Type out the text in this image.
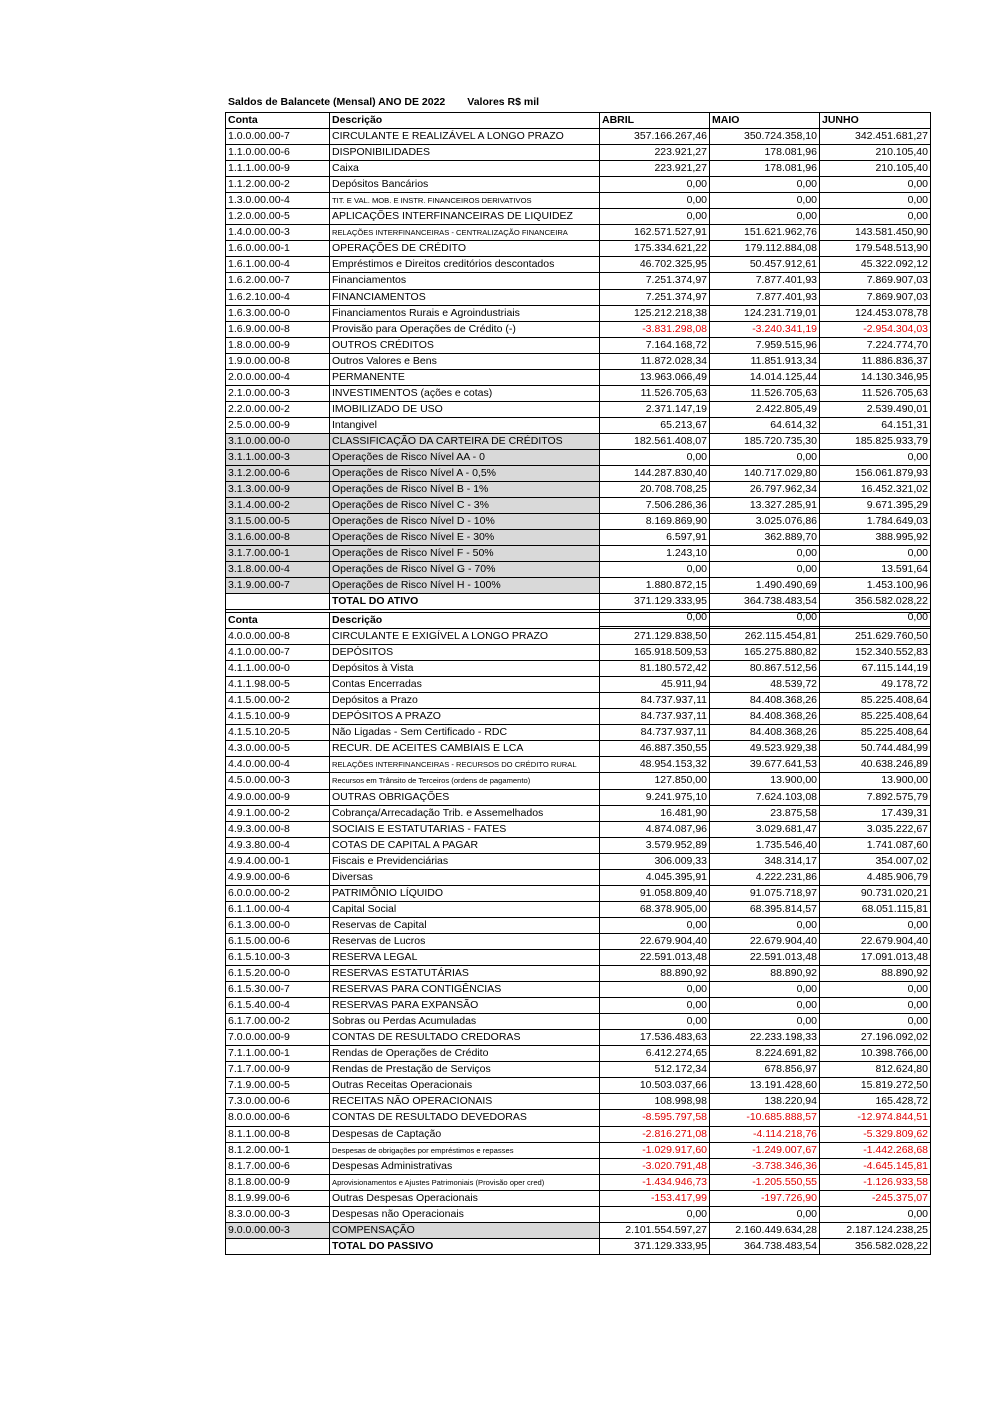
Saldos de Balancete (Mensal) ANO DE 2022 Valores R$ mil
Conta	Descrição	ABRIL	MAIO	JUNHO
1.0.0.00.00-7	CIRCULANTE E REALIZÁVEL A LONGO PRAZO	357.166.267,46	350.724.358,10	342.451.681,27
1.1.0.00.00-6	DISPONIBILIDADES	223.921,27	178.081,96	210.105,40
1.1.1.00.00-9	Caixa	223.921,27	178.081,96	210.105,40
1.1.2.00.00-2	Depósitos Bancários	0,00	0,00	0,00
1.3.0.00.00-4	TIT. E VAL. MOB. E INSTR. FINANCEIROS DERIVATIVOS	0,00	0,00	0,00
1.2.0.00.00-5	APLICAÇÕES INTERFINANCEIRAS DE LIQUIDEZ	0,00	0,00	0,00
1.4.0.00.00-3	RELAÇÕES INTERFINANCEIRAS - CENTRALIZAÇÃO FINANCEIRA	162.571.527,91	151.621.962,76	143.581.450,90
1.6.0.00.00-1	OPERAÇÕES DE CRÉDITO	175.334.621,22	179.112.884,08	179.548.513,90
1.6.1.00.00-4	Empréstimos e Direitos creditórios descontados	46.702.325,95	50.457.912,61	45.322.092,12
1.6.2.00.00-7	Financiamentos	7.251.374,97	7.877.401,93	7.869.907,03
1.6.2.10.00-4	FINANCIAMENTOS	7.251.374,97	7.877.401,93	7.869.907,03
1.6.3.00.00-0	Financiamentos Rurais e Agroindustriais	125.212.218,38	124.231.719,01	124.453.078,78
1.6.9.00.00-8	Provisão para Operações de Crédito (-)	-3.831.298,08	-3.240.341,19	-2.954.304,03
1.8.0.00.00-9	OUTROS CRÉDITOS	7.164.168,72	7.959.515,96	7.224.774,70
1.9.0.00.00-8	Outros Valores e Bens	11.872.028,34	11.851.913,34	11.886.836,37
2.0.0.00.00-4	PERMANENTE	13.963.066,49	14.014.125,44	14.130.346,95
2.1.0.00.00-3	INVESTIMENTOS (ações e cotas)	11.526.705,63	11.526.705,63	11.526.705,63
2.2.0.00.00-2	IMOBILIZADO DE USO	2.371.147,19	2.422.805,49	2.539.490,01
2.5.0.00.00-9	Intangivel	65.213,67	64.614,32	64.151,31
3.1.0.00.00-0	CLASSIFICAÇÃO DA CARTEIRA DE CRÉDITOS	182.561.408,07	185.720.735,30	185.825.933,79
3.1.1.00.00-3	Operações de Risco Nível AA - 0	0,00	0,00	0,00
3.1.2.00.00-6	Operações de Risco Nível A - 0,5%	144.287.830,40	140.717.029,80	156.061.879,93
3.1.3.00.00-9	Operações de Risco Nível B - 1%	20.708.708,25	26.797.962,34	16.452.321,02
3.1.4.00.00-2	Operações de Risco Nível C - 3%	7.506.286,36	13.327.285,91	9.671.395,29
3.1.5.00.00-5	Operações de Risco Nível D - 10%	8.169.869,90	3.025.076,86	1.784.649,03
3.1.6.00.00-8	Operações de Risco Nível E - 30%	6.597,91	362.889,70	388.995,92
3.1.7.00.00-1	Operações de Risco Nível F - 50%	1.243,10	0,00	0,00
3.1.8.00.00-4	Operações de Risco Nível G - 70%	0,00	0,00	13.591,64
3.1.9.00.00-7	Operações de Risco Nível H - 100%	1.880.872,15	1.490.490,69	1.453.100,96
	TOTAL DO ATIVO	371.129.333,95	364.738.483,54	356.582.028,22
		0,00	0,00	0,00
Conta	Descrição			
4.0.0.00.00-8	CIRCULANTE E EXIGÍVEL A LONGO PRAZO	271.129.838,50	262.115.454,81	251.629.760,50
4.1.0.00.00-7	DEPÓSITOS	165.918.509,53	165.275.880,82	152.340.552,83
4.1.1.00.00-0	Depósitos à Vista	81.180.572,42	80.867.512,56	67.115.144,19
4.1.1.98.00-5	Contas Encerradas	45.911,94	48.539,72	49.178,72
4.1.5.00.00-2	Depósitos a Prazo	84.737.937,11	84.408.368,26	85.225.408,64
4.1.5.10.00-9	DEPÓSITOS A PRAZO	84.737.937,11	84.408.368,26	85.225.408,64
4.1.5.10.20-5	Não Ligadas - Sem Certificado - RDC	84.737.937,11	84.408.368,26	85.225.408,64
4.3.0.00.00-5	RECUR. DE ACEITES CAMBIAIS E LCA	46.887.350,55	49.523.929,38	50.744.484,99
4.4.0.00.00-4	RELAÇÕES INTERFINANCEIRAS - RECURSOS DO CRÉDITO RURAL	48.954.153,32	39.677.641,53	40.638.246,89
4.5.0.00.00-3	Recursos em Trânsito de Terceiros (ordens de pagamento)	127.850,00	13.900,00	13.900,00
4.9.0.00.00-9	OUTRAS OBRIGAÇÕES	9.241.975,10	7.624.103,08	7.892.575,79
4.9.1.00.00-2	Cobrança/Arrecadação Trib. e Assemelhados	16.481,90	23.875,58	17.439,31
4.9.3.00.00-8	SOCIAIS E ESTATUTARIAS - FATES	4.874.087,96	3.029.681,47	3.035.222,67
4.9.3.80.00-4	COTAS DE CAPITAL A PAGAR	3.579.952,89	1.735.546,40	1.741.087,60
4.9.4.00.00-1	Fiscais e Previdenciárias	306.009,33	348.314,17	354.007,02
4.9.9.00.00-6	Diversas	4.045.395,91	4.222.231,86	4.485.906,79
6.0.0.00.00-2	PATRIMÔNIO LÍQUIDO	91.058.809,40	91.075.718,97	90.731.020,21
6.1.1.00.00-4	Capital Social	68.378.905,00	68.395.814,57	68.051.115,81
6.1.3.00.00-0	Reservas de Capital	0,00	0,00	0,00
6.1.5.00.00-6	Reservas de Lucros	22.679.904,40	22.679.904,40	22.679.904,40
6.1.5.10.00-3	RESERVA LEGAL	22.591.013,48	22.591.013,48	17.091.013,48
6.1.5.20.00-0	RESERVAS ESTATUTÁRIAS	88.890,92	88.890,92	88.890,92
6.1.5.30.00-7	RESERVAS PARA CONTIGÊNCIAS	0,00	0,00	0,00
6.1.5.40.00-4	RESERVAS PARA EXPANSÃO	0,00	0,00	0,00
6.1.7.00.00-2	Sobras ou Perdas Acumuladas	0,00	0,00	0,00
7.0.0.00.00-9	CONTAS DE RESULTADO CREDORAS	17.536.483,63	22.233.198,33	27.196.092,02
7.1.1.00.00-1	Rendas de Operações de Crédito	6.412.274,65	8.224.691,82	10.398.766,00
7.1.7.00.00-9	Rendas de Prestação de Serviços	512.172,34	678.856,97	812.624,80
7.1.9.00.00-5	Outras Receitas Operacionais	10.503.037,66	13.191.428,60	15.819.272,50
7.3.0.00.00-6	RECEITAS NÃO OPERACIONAIS	108.998,98	138.220,94	165.428,72
8.0.0.00.00-6	CONTAS DE RESULTADO DEVEDORAS	-8.595.797,58	-10.685.888,57	-12.974.844,51
8.1.1.00.00-8	Despesas de Captação	-2.816.271,08	-4.114.218,76	-5.329.809,62
8.1.2.00.00-1	Despesas de obrigações por empréstimos e repasses	-1.029.917,60	-1.249.007,67	-1.442.268,68
8.1.7.00.00-6	Despesas Administrativas	-3.020.791,48	-3.738.346,36	-4.645.145,81
8.1.8.00.00-9	Aprovisionamentos e Ajustes Patrimoniais (Provisão oper cred)	-1.434.946,73	-1.205.550,55	-1.126.933,58
8.1.9.99.00-6	Outras Despesas Operacionais	-153.417,99	-197.726,90	-245.375,07
8.3.0.00.00-3	Despesas não Operacionais	0,00	0,00	0,00
9.0.0.00.00-3	COMPENSAÇÃO	2.101.554.597,27	2.160.449.634,28	2.187.124.238,25
	TOTAL DO PASSIVO	371.129.333,95	364.738.483,54	356.582.028,22
